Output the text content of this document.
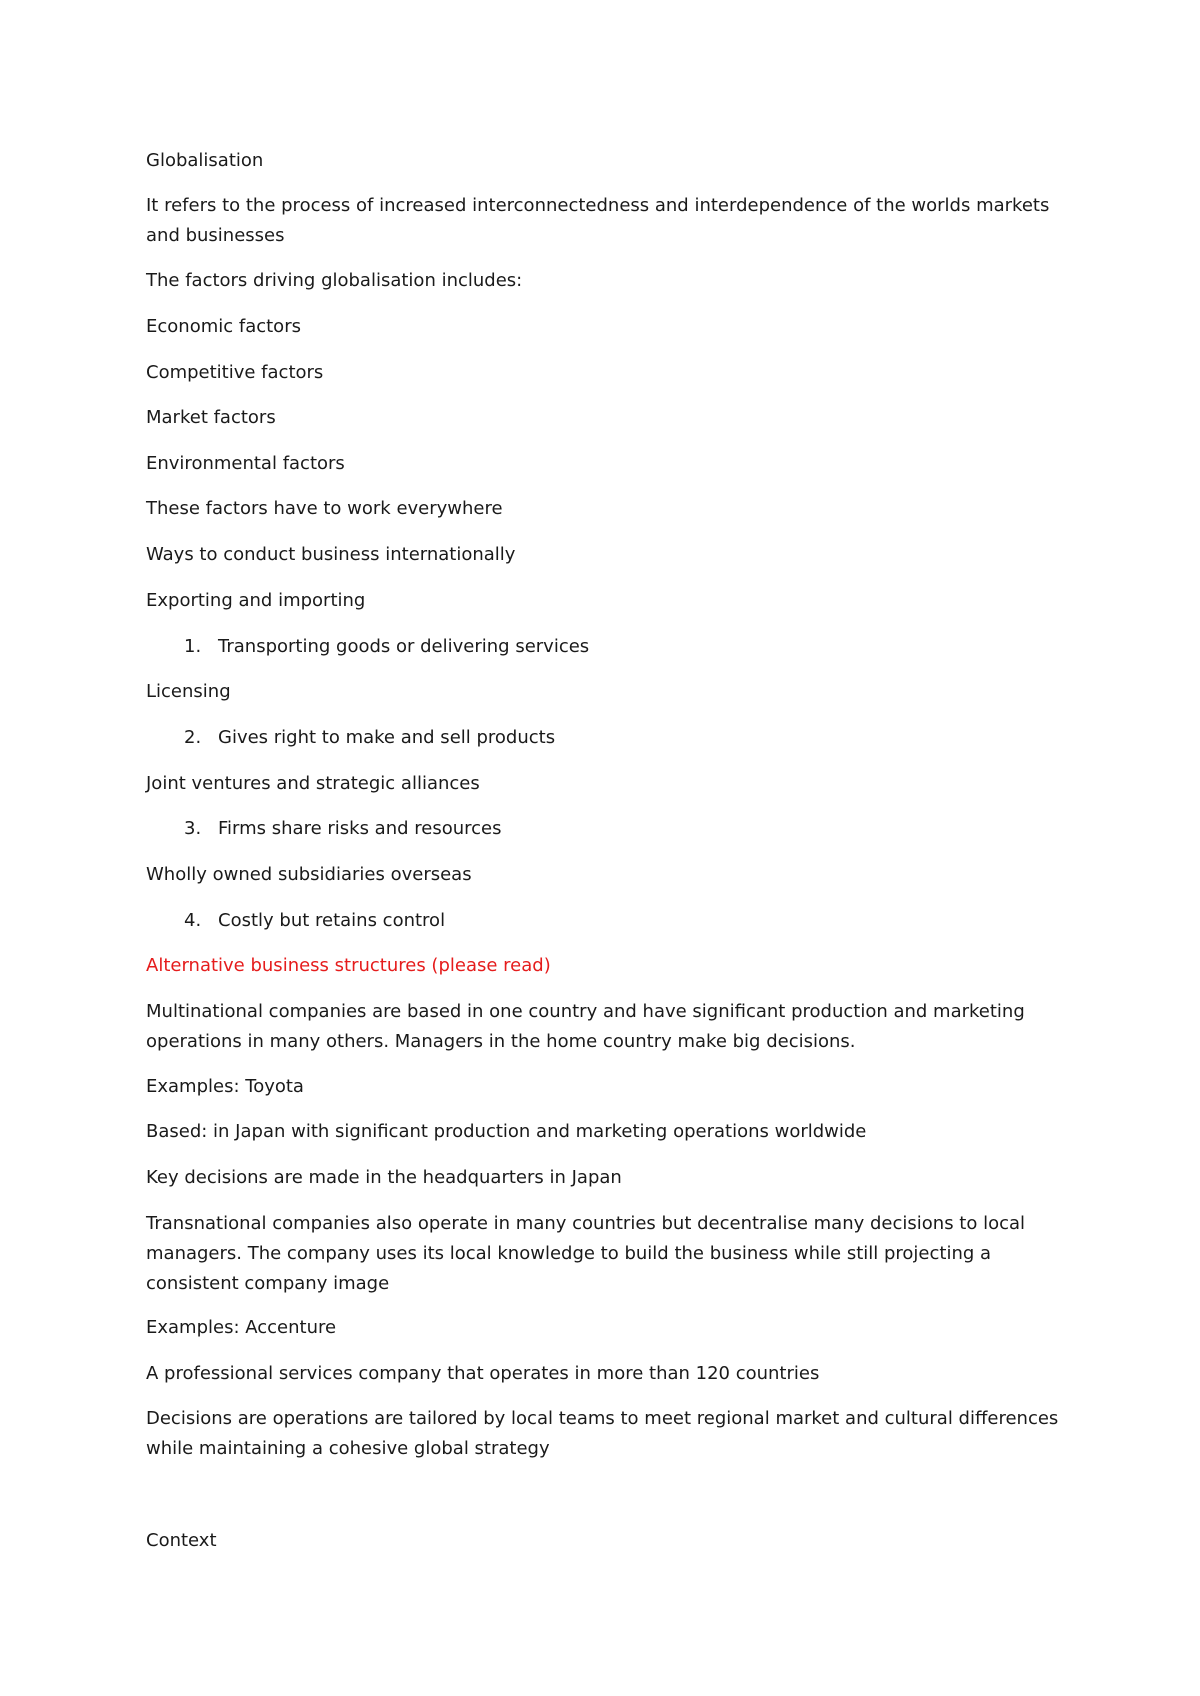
Globalisation

It refers to the process of increased interconnectedness and interdependence of the worlds markets and businesses

The factors driving globalisation includes:

Economic factors

Competitive factors

Market factors

Environmental factors

These factors have to work everywhere

Ways to conduct business internationally

Exporting and importing

1. Transporting goods or delivering services

Licensing

2. Gives right to make and sell products

Joint ventures and strategic alliances

3. Firms share risks and resources

Wholly owned subsidiaries overseas

4. Costly but retains control

Alternative business structures (please read)

Multinational companies are based in one country and have significant production and marketing operations in many others. Managers in the home country make big decisions.

Examples: Toyota

Based: in Japan with significant production and marketing operations worldwide

Key decisions are made in the headquarters in Japan

Transnational companies also operate in many countries but decentralise many decisions to local managers. The company uses its local knowledge to build the business while still projecting a consistent company image

Examples: Accenture

A professional services company that operates in more than 120 countries

Decisions are operations are tailored by local teams to meet regional market and cultural differences while maintaining a cohesive global strategy

Context
